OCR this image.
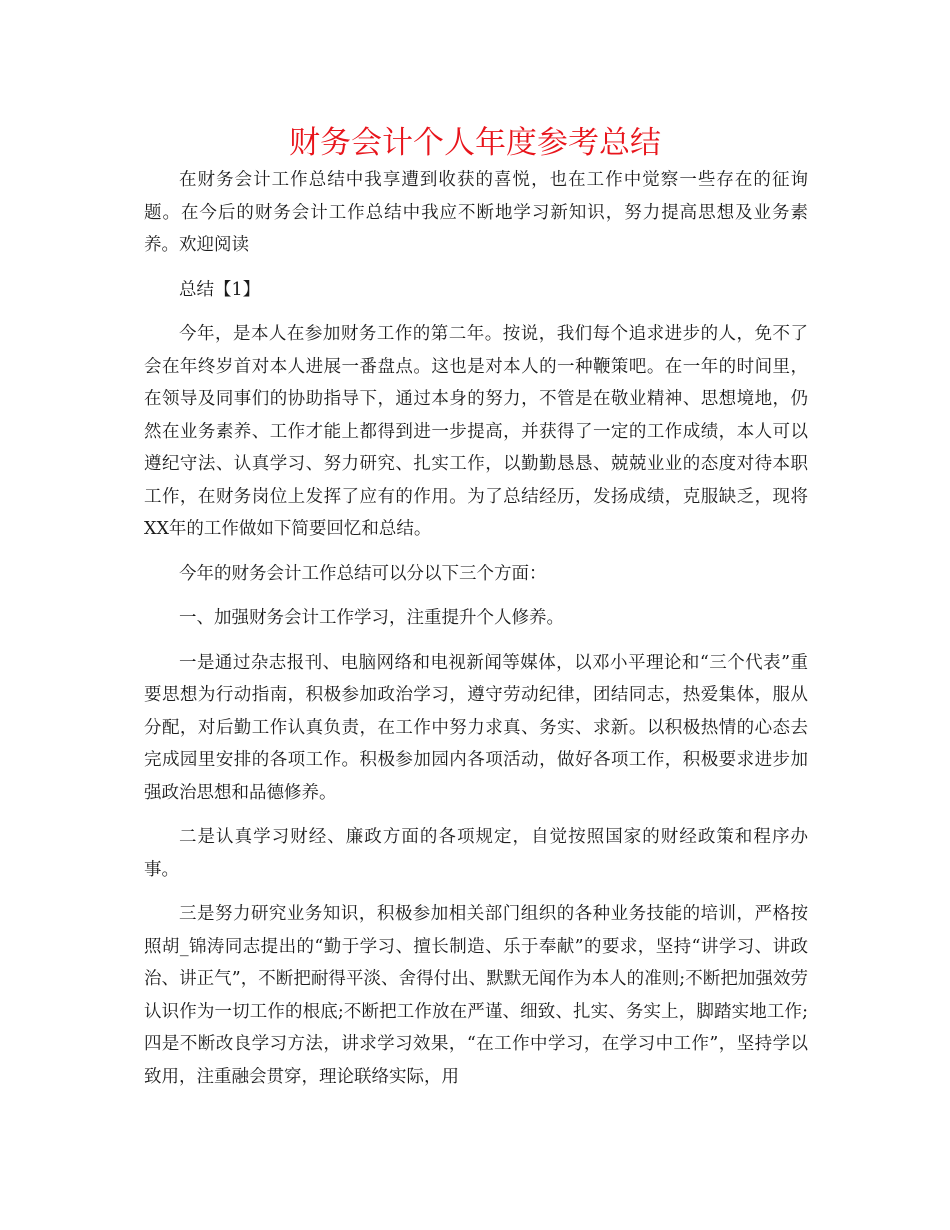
财务会计个人年度参考总结

在财务会计工作总结中我享遭到收获的喜悦，也在工作中觉察一些存在的征询题。在今后的财务会计工作总结中我应不断地学习新知识，努力提高思想及业务素养。欢迎阅读

总结【1】

今年，是本人在参加财务工作的第二年。按说，我们每个追求进步的人，免不了会在年终岁首对本人进展一番盘点。这也是对本人的一种鞭策吧。在一年的时间里，在领导及同事们的协助指导下，通过本身的努力，不管是在敬业精神、思想境地，仍然在业务素养、工作才能上都得到进一步提高，并获得了一定的工作成绩，本人可以遵纪守法、认真学习、努力研究、扎实工作，以勤勤恳恳、兢兢业业的态度对待本职工作，在财务岗位上发挥了应有的作用。为了总结经历，发扬成绩，克服缺乏，现将XX年的工作做如下简要回忆和总结。

今年的财务会计工作总结可以分以下三个方面：

一、加强财务会计工作学习，注重提升个人修养。

一是通过杂志报刊、电脑网络和电视新闻等媒体，以邓小平理论和“三个代表”重要思想为行动指南，积极参加政治学习，遵守劳动纪律，团结同志，热爱集体，服从分配，对后勤工作认真负责，在工作中努力求真、务实、求新。以积极热情的心态去完成园里安排的各项工作。积极参加园内各项活动，做好各项工作，积极要求进步加强政治思想和品德修养。

二是认真学习财经、廉政方面的各项规定，自觉按照国家的财经政策和程序办事。

三是努力研究业务知识，积极参加相关部门组织的各种业务技能的培训，严格按照胡_锦涛同志提出的“勤于学习、擅长制造、乐于奉献”的要求，坚持“讲学习、讲政治、讲正气”，不断把耐得平淡、舍得付出、默默无闻作为本人的准则;不断把加强效劳认识作为一切工作的根底;不断把工作放在严谨、细致、扎实、务实上，脚踏实地工作;四是不断改良学习方法，讲求学习效果，“在工作中学习，在学习中工作”，坚持学以致用，注重融会贯穿，理论联络实际，用
